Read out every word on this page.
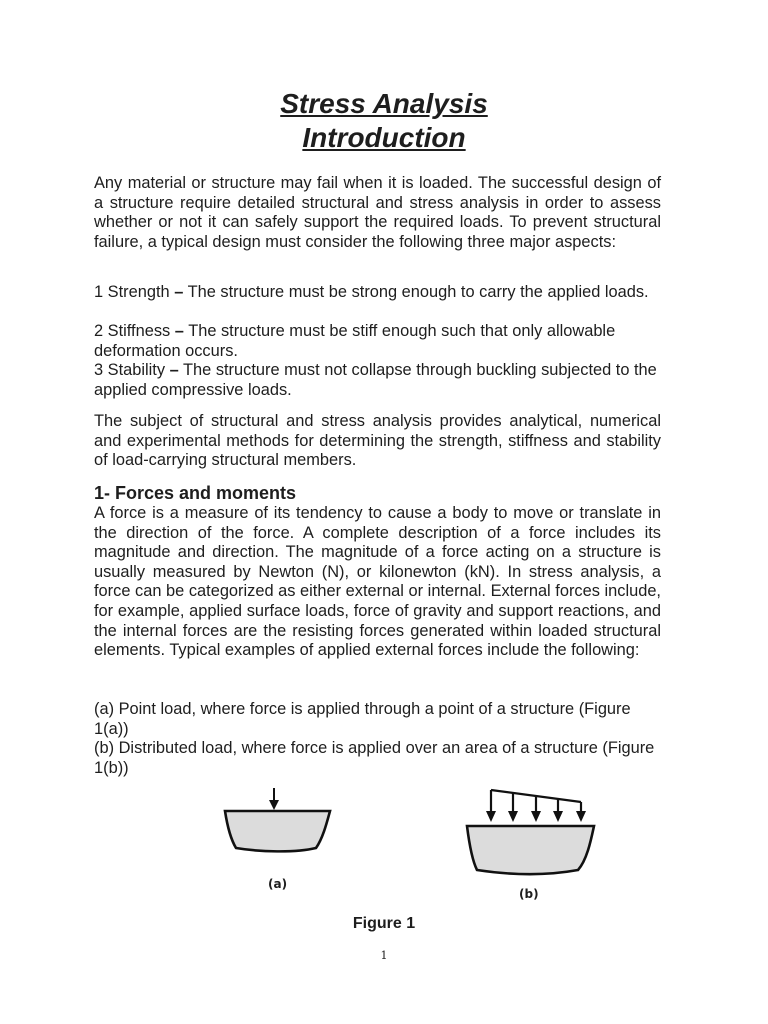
Stress Analysis
Introduction

Any material or structure may fail when it is loaded. The successful design of a structure require detailed structural and stress analysis in order to assess whether or not it can safely support the required loads. To prevent structural failure, a typical design must consider the following three major aspects:

1 Strength – The structure must be strong enough to carry the applied loads.

2 Stiffness – The structure must be stiff enough such that only allowable deformation occurs.

3 Stability – The structure must not collapse through buckling subjected to the applied compressive loads.

The subject of structural and stress analysis provides analytical, numerical and experimental methods for determining the strength, stiffness and stability of load-carrying structural members.

1- Forces and moments

A force is a measure of its tendency to cause a body to move or translate in the direction of the force. A complete description of a force includes its magnitude and direction. The magnitude of a force acting on a structure is usually measured by Newton (N), or kilonewton (kN). In stress analysis, a force can be categorized as either external or internal. External forces include, for example, applied surface loads, force of gravity and support reactions, and the internal forces are the resisting forces generated within loaded structural elements. Typical examples of applied external forces include the following:

(a) Point load, where force is applied through a point of a structure (Figure 1(a))

(b) Distributed load, where force is applied over an area of a structure (Figure 1(b))

(a)
(b)
Figure 1
1
